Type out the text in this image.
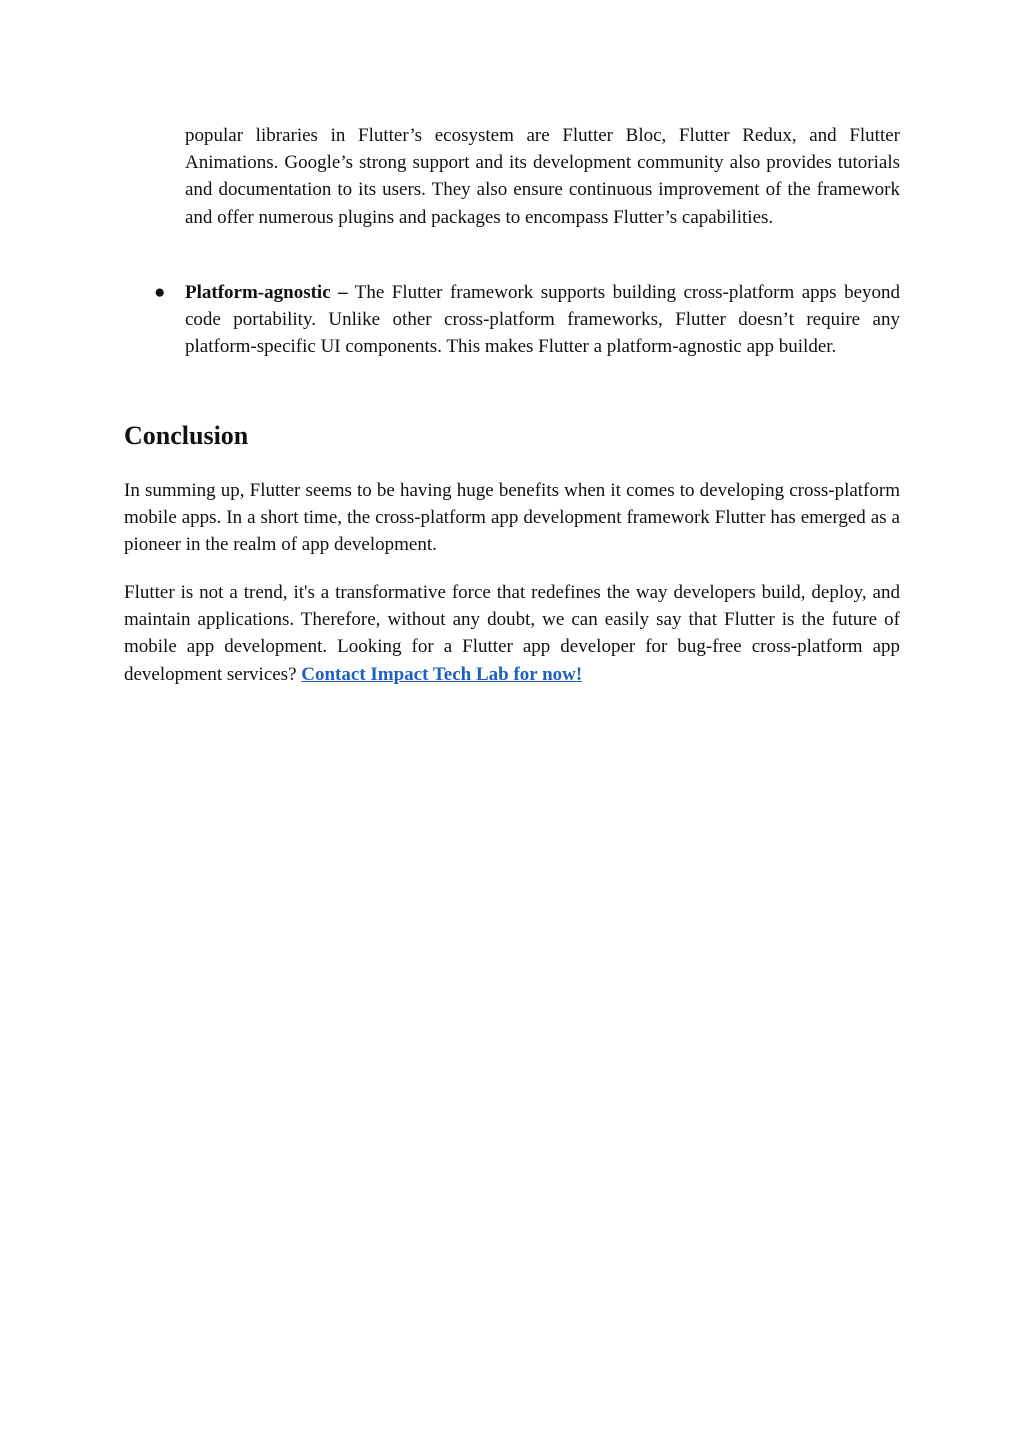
popular libraries in Flutter’s ecosystem are Flutter Bloc, Flutter Redux, and Flutter Animations. Google’s strong support and its development community also provides tutorials and documentation to its users. They also ensure continuous improvement of the framework and offer numerous plugins and packages to encompass Flutter’s capabilities.

● Platform-agnostic – The Flutter framework supports building cross-platform apps beyond code portability. Unlike other cross-platform frameworks, Flutter doesn’t require any platform-specific UI components. This makes Flutter a platform-agnostic app builder.

Conclusion

In summing up, Flutter seems to be having huge benefits when it comes to developing cross-platform mobile apps. In a short time, the cross-platform app development framework Flutter has emerged as a pioneer in the realm of app development.

Flutter is not a trend, it's a transformative force that redefines the way developers build, deploy, and maintain applications. Therefore, without any doubt, we can easily say that Flutter is the future of mobile app development. Looking for a Flutter app developer for bug-free cross-platform app development services? Contact Impact Tech Lab for now!
